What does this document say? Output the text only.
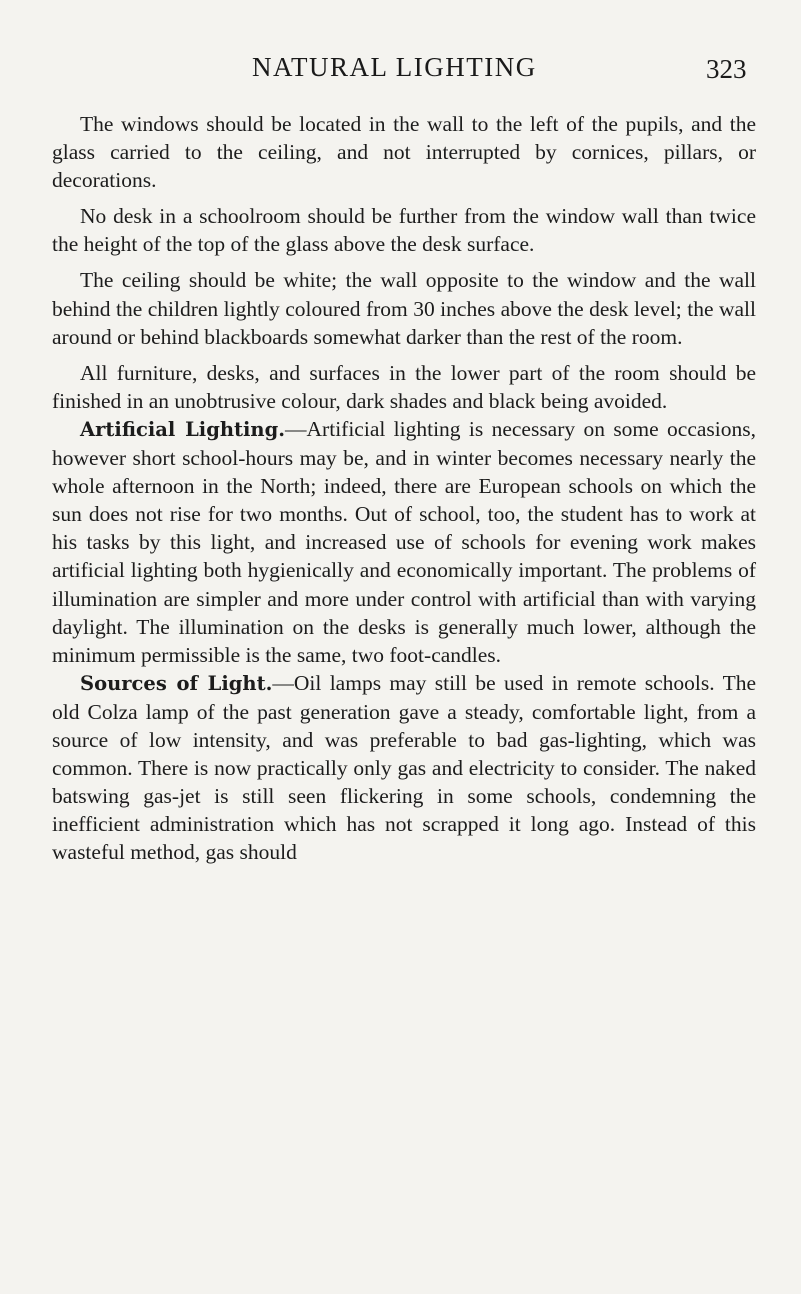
NATURAL LIGHTING	323

The windows should be located in the wall to the left of the pupils, and the glass carried to the ceiling, and not interrupted by cornices, pillars, or decorations.

No desk in a schoolroom should be further from the window wall than twice the height of the top of the glass above the desk surface.

The ceiling should be white; the wall opposite to the window and the wall behind the children lightly coloured from 30 inches above the desk level; the wall around or behind blackboards somewhat darker than the rest of the room.

All furniture, desks, and surfaces in the lower part of the room should be finished in an unobtrusive colour, dark shades and black being avoided.

Artificial Lighting.—Artificial lighting is necessary on some occasions, however short school-hours may be, and in winter becomes necessary nearly the whole afternoon in the North; indeed, there are European schools on which the sun does not rise for two months. Out of school, too, the student has to work at his tasks by this light, and increased use of schools for evening work makes artificial lighting both hygienically and economically important. The problems of illumination are simpler and more under control with artificial than with varying daylight. The illumination on the desks is generally much lower, although the minimum permissible is the same, two foot-candles.

Sources of Light.—Oil lamps may still be used in remote schools. The old Colza lamp of the past generation gave a steady, comfortable light, from a source of low intensity, and was preferable to bad gas-lighting, which was common. There is now practically only gas and electricity to consider. The naked batswing gas-jet is still seen flickering in some schools, condemning the inefficient administration which has not scrapped it long ago. Instead of this wasteful method, gas should
